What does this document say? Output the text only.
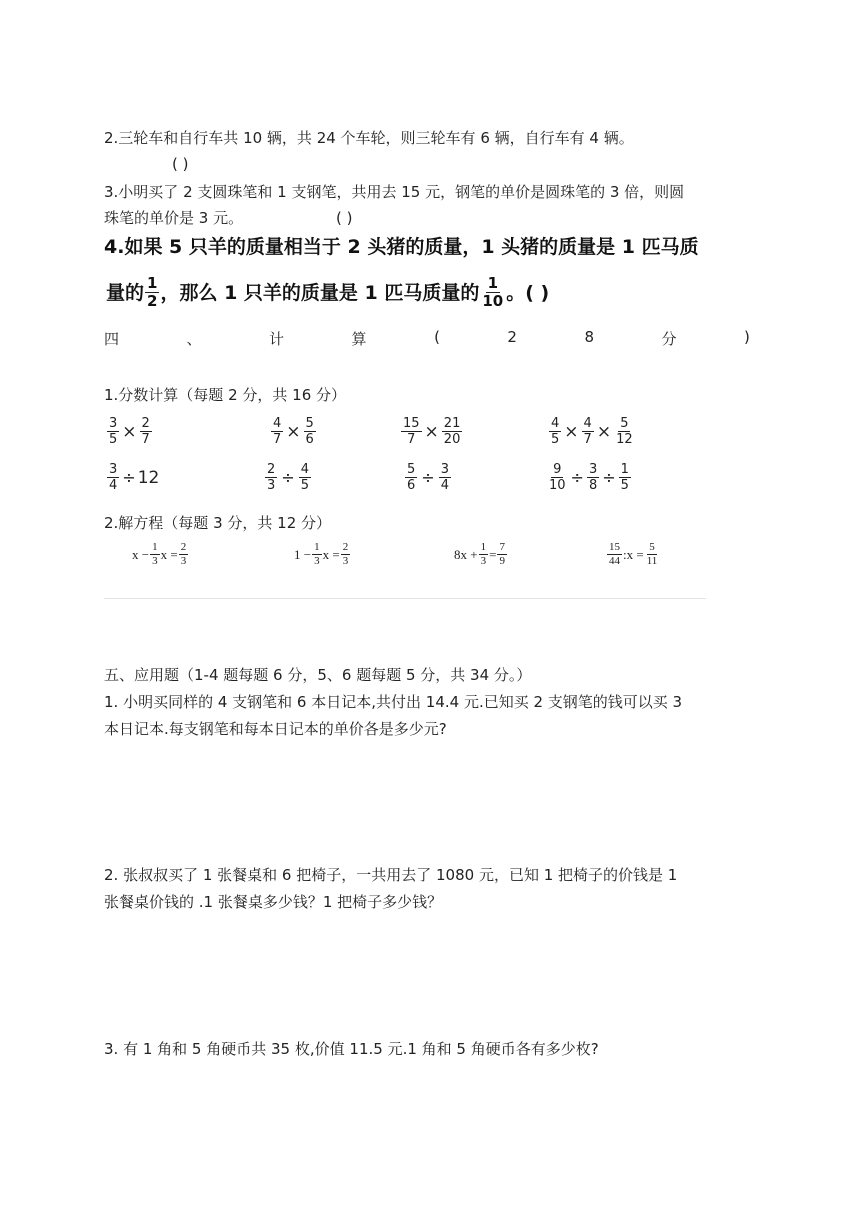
2.三轮车和自行车共 10 辆，共 24 个车轮，则三轮车有 6 辆，自行车有 4 辆。
( )
3.小明买了 2 支圆珠笔和 1 支钢笔，共用去 15 元，钢笔的单价是圆珠笔的 3 倍，则圆
珠笔的单价是 3 元。	( )
4.如果 5 只羊的质量相当于 2 头猪的质量，1 头猪的质量是 1 匹马质
量的 $\frac{1}{2}$ ，那么 1 只羊的质量是 1 匹马质量的 $\frac{1}{10}$ 。( )
四	、	计	算	(	2	8	分	)
1.分数计算（每题 2 分，共 16 分）
$\frac{3}{5} \times \frac{2}{7}$	$\frac{4}{7} \times \frac{5}{6}$	$\frac{15}{7} \times \frac{21}{20}$	$\frac{4}{5} \times \frac{4}{7} \times \frac{5}{12}$
$\frac{3}{4} \div 12$	$\frac{2}{3} \div \frac{4}{5}$	$\frac{5}{6} \div \frac{3}{4}$	$\frac{9}{10} \div \frac{3}{8} \div \frac{1}{5}$
2.解方程（每题 3 分，共 12 分）
$x - \frac{1}{3}$ $x = \frac{2}{3}$	$1 - \frac{1}{3}$ $x = \frac{2}{3}$	$8x + \frac{1}{3} = \frac{7}{9}$	$\frac{15}{44}$ :x = $\frac{5}{11}$
五、应用题（1-4 题每题 6 分，5、6 题每题 5 分，共 34 分。）
1. 小明买同样的 4 支钢笔和 6 本日记本,共付出 14.4 元.已知买 2 支钢笔的钱可以买 3
本日记本.每支钢笔和每本日记本的单价各是多少元?
2. 张叔叔买了 1 张餐桌和 6 把椅子，一共用去了 1080 元，已知 1 把椅子的价钱是 1
张餐桌价钱的 .1 张餐桌多少钱？1 把椅子多少钱？
3. 有 1 角和 5 角硬币共 35 枚,价值 11.5 元.1 角和 5 角硬币各有多少枚?
